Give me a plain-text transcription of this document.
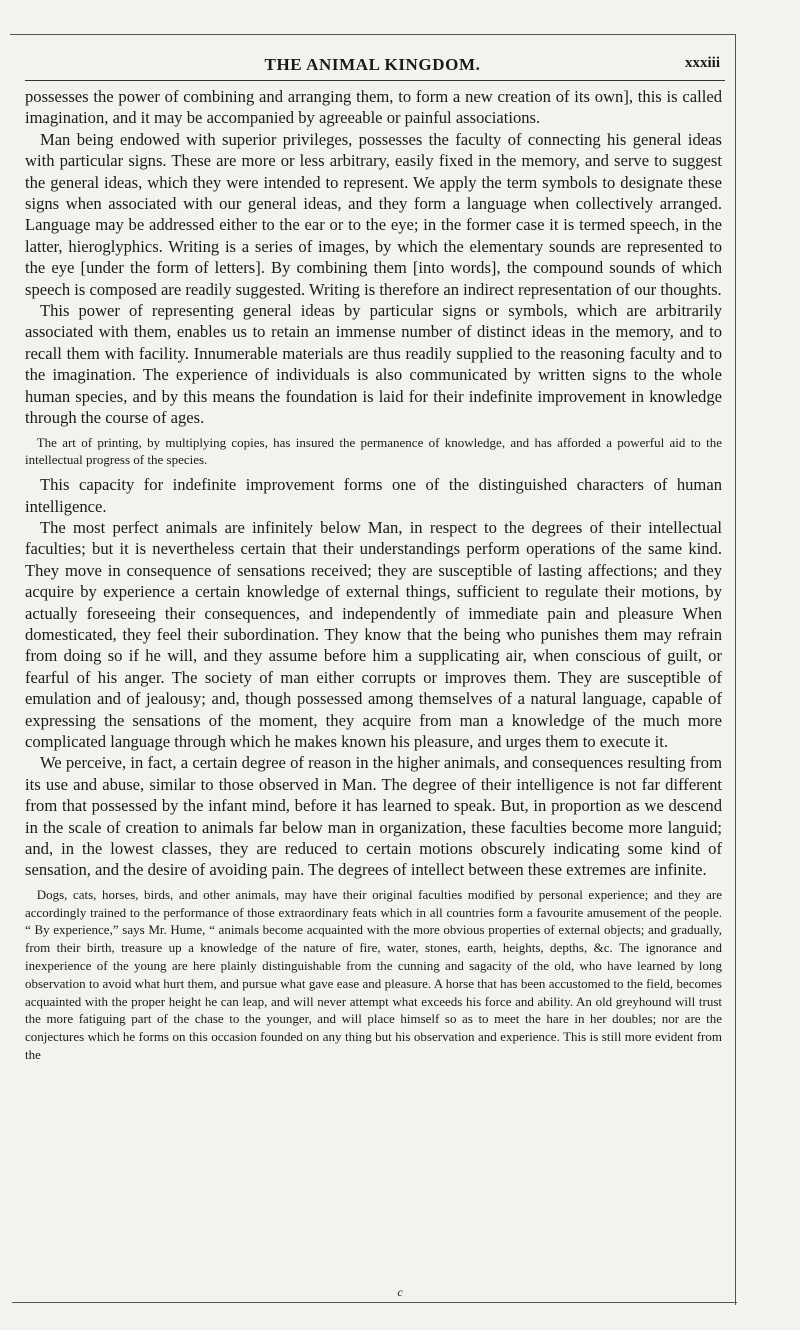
THE ANIMAL KINGDOM.	xxxiii

possesses the power of combining and arranging them, to form a new creation of its own], this is called imagination, and it may be accompanied by agreeable or painful associations.

Man being endowed with superior privileges, possesses the faculty of connecting his general ideas with particular signs. These are more or less arbitrary, easily fixed in the memory, and serve to suggest the general ideas, which they were intended to represent. We apply the term symbols to designate these signs when associated with our general ideas, and they form a language when collectively arranged. Language may be addressed either to the ear or to the eye; in the former case it is termed speech, in the latter, hieroglyphics. Writing is a series of images, by which the elementary sounds are represented to the eye [under the form of letters]. By combining them [into words], the compound sounds of which speech is composed are readily suggested. Writing is therefore an indirect representation of our thoughts.

This power of representing general ideas by particular signs or symbols, which are arbitrarily associated with them, enables us to retain an immense number of distinct ideas in the memory, and to recall them with facility. Innumerable materials are thus readily supplied to the reasoning faculty and to the imagination. The experience of individuals is also communicated by written signs to the whole human species, and by this means the foundation is laid for their indefinite improvement in knowledge through the course of ages.

The art of printing, by multiplying copies, has insured the permanence of knowledge, and has afforded a powerful aid to the intellectual progress of the species.

This capacity for indefinite improvement forms one of the distinguished characters of human intelligence.

The most perfect animals are infinitely below Man, in respect to the degrees of their intellectual faculties; but it is nevertheless certain that their understandings perform operations of the same kind. They move in consequence of sensations received; they are susceptible of lasting affections; and they acquire by experience a certain knowledge of external things, sufficient to regulate their motions, by actually foreseeing their consequences, and independently of immediate pain and pleasure When domesticated, they feel their subordination. They know that the being who punishes them may refrain from doing so if he will, and they assume before him a supplicating air, when conscious of guilt, or fearful of his anger. The society of man either corrupts or improves them. They are susceptible of emulation and of jealousy; and, though possessed among themselves of a natural language, capable of expressing the sensations of the moment, they acquire from man a knowledge of the much more complicated language through which he makes known his pleasure, and urges them to execute it.

We perceive, in fact, a certain degree of reason in the higher animals, and consequences resulting from its use and abuse, similar to those observed in Man. The degree of their intelligence is not far different from that possessed by the infant mind, before it has learned to speak. But, in proportion as we descend in the scale of creation to animals far below man in organization, these faculties become more languid; and, in the lowest classes, they are reduced to certain motions obscurely indicating some kind of sensation, and the desire of avoiding pain. The degrees of intellect between these extremes are infinite.

Dogs, cats, horses, birds, and other animals, may have their original faculties modified by personal experience; and they are accordingly trained to the performance of those extraordinary feats which in all countries form a favourite amusement of the people. “ By experience,” says Mr. Hume, “ animals become acquainted with the more obvious properties of external objects; and gradually, from their birth, treasure up a knowledge of the nature of fire, water, stones, earth, heights, depths, &c. The ignorance and inexperience of the young are here plainly distinguishable from the cunning and sagacity of the old, who have learned by long observation to avoid what hurt them, and pursue what gave ease and pleasure. A horse that has been accustomed to the field, becomes acquainted with the proper height he can leap, and will never attempt what exceeds his force and ability. An old greyhound will trust the more fatiguing part of the chase to the younger, and will place himself so as to meet the hare in her doubles; nor are the conjectures which he forms on this occasion founded on any thing but his observation and experience. This is still more evident from the

c
